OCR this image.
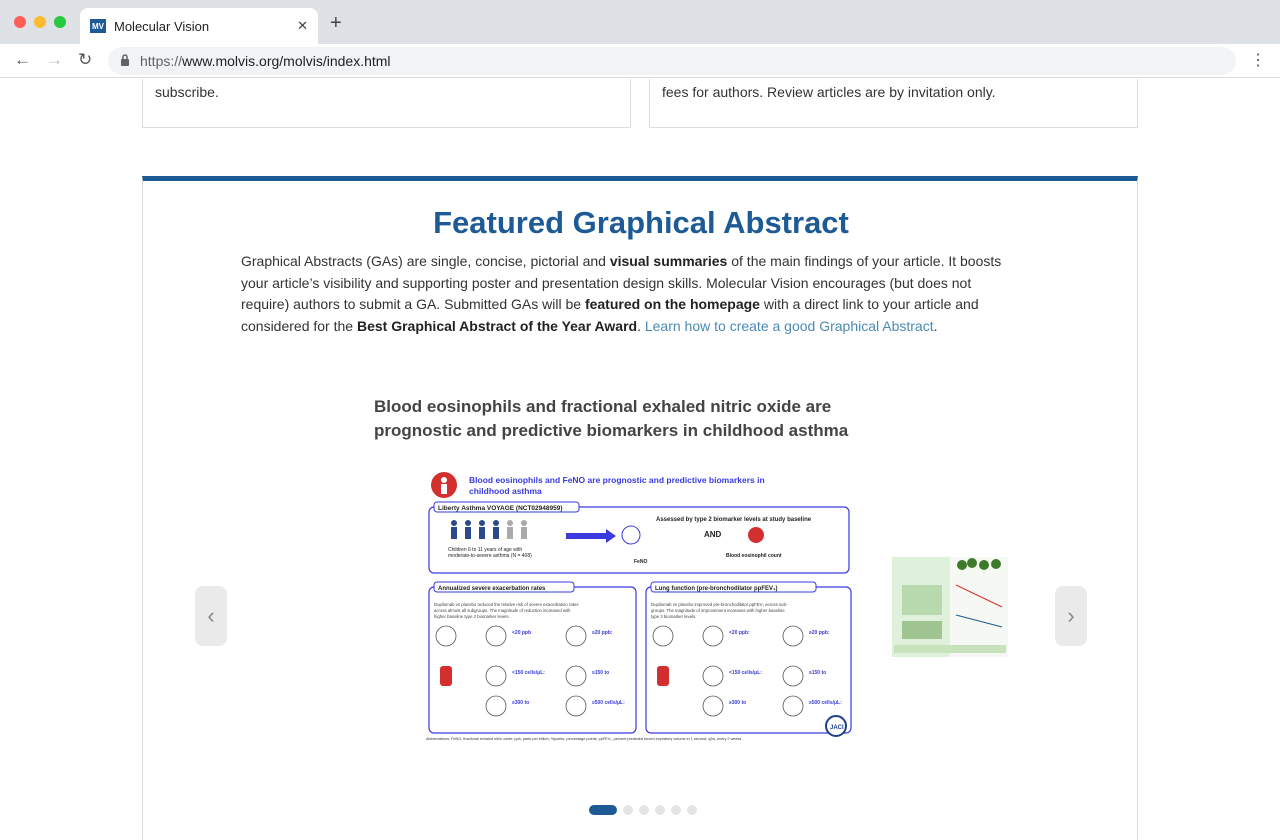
MV Molecular Vision	✕ +
← → ↻	https://www.molvis.org/molvis/index.html	⋮
subscribe.	fees for authors. Review articles are by invitation only.
Featured Graphical Abstract
Graphical Abstracts (GAs) are single, concise, pictorial and visual summaries of the main findings of your article. It boosts your article’s visibility and supporting poster and presentation design skills. Molecular Vision encourages (but does not require) authors to submit a GA. Submitted GAs will be featured on the homepage with a direct link to your article and considered for the Best Graphical Abstract of the Year Award. Learn how to create a good Graphical Abstract.
Blood eosinophils and fractional exhaled nitric oxide are prognostic and predictive biomarkers in childhood asthma
‹
Blood eosinophils and FeNO are prognostic and predictive biomarkers in childhood asthma
Liberty Asthma VOYAGE (NCT02948959)
Children 6 to 11 years of age with
moderate-to-severe asthma (N = 408)
FeNO
AND
Assessed by type 2 biomarker levels at study baseline
Blood eosinophil count
Annualized severe exacerbation rates	Lung function (pre-bronchodilator ppFEV₁)
<20 ppb	≥20 ppb:
<150 cells/μL:	≥150 to
≥300 to	≥500 cells/μL:
<20 ppb:	≥20 ppb:
<150 cells/μL:	≥150 to
≥300 to	≥500 cells/μL:
Dupilumab vs placebo reduced the relative risk of severe exacerbation rates
across almost all subgroups. The magnitude of reduction increased with
higher baseline type 2 biomarker levels.
Dupilumab vs placebo improved pre-bronchodilator ppFEV₁ across sub-
groups. The magnitude of improvement increases with higher baseline
type 2 biomarker levels.
JACI
Abbreviations: FeNO, fractional exhaled nitric oxide; ppb, parts per billion; %points, percentage points; ppFEV₁, percent predicted forced expiratory volume in 1 second; q2w, every 2 weeks.
›
